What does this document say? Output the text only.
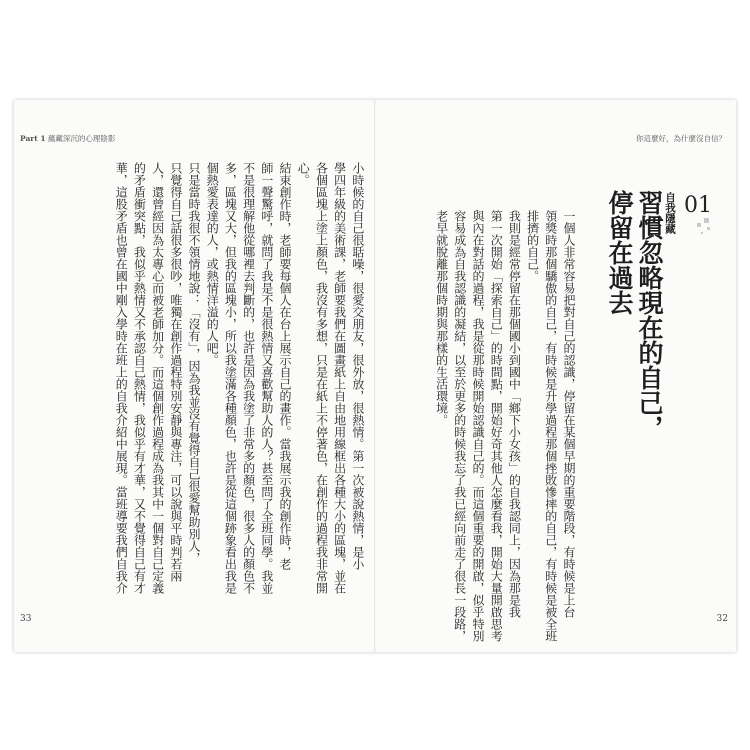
Part 1 蘊藏深沉的心理陰影	你這麼好，為什麼沒自信？
01
自我隱藏
習慣忽略現在的自己，
停留在過去
一個人非常容易把對自己的認識，停留在某個早期的重要階段，有時候是上台
領獎時那個驕傲的自己，有時候是升學過程那個挫敗慘摔的自己，有時候是被全班
排擠的自己。
我則是經常停留在那個國小到國中「鄉下小女孩」的自我認同上，因為那是我
第一次開始「探索自己」的時間點，開始好奇其他人怎麼看我，開始大量開啟思考
與內在對話的過程，我是從那時候開始認識自己的。而這個重要的開啟，似乎特別
容易成為自我認識的凝結，以至於更多的時候我忘了我已經向前走了很長一段路，
老早就脫離那個時期與那樣的生活環境。
小時候的自己很聒噪，很愛交朋友，很外放，很熱情。第一次被說熱情，是小
學四年級的美術課，老師要我們在圖畫紙上自由地用線框出各種大小的區塊，並在
各個區塊上塗上顏色，我沒有多想，只是在紙上不停著色，在創作的過程我非常開
心。
結束創作時，老師要每個人在台上展示自己的畫作。當我展示我的創作時，老
師一聲驚呼，就問了我是不是很熱情又喜歡幫助人的人？甚至問了全班同學。我並
不是很理解他從哪裡去判斷的，也許是因為我塗了非常多的顏色，很多人的顏色不
多，區塊又大，但我的區塊小，所以我塗滿各種顏色，也許是從這個跡象看出我是
個熱愛表達的人，或熱情洋溢的人吧。
只是當時我很不領情地說：「沒有」，因為我並沒有覺得自己很愛幫助別人，
只覺得自己話很多很吵，唯獨在創作過程特別安靜與專注，可以說與平時判若兩
人，還曾經因為太專心而被老師加分。而這個創作過程成為我其中一個對自己定義
的矛盾衝突點，我似乎熱情又不承認自己熱情，我似乎有才華，又不覺得自己有才
華，這股矛盾也曾在國中剛入學時在班上的自我介紹中展現。當班導要我們自我介
33	32
